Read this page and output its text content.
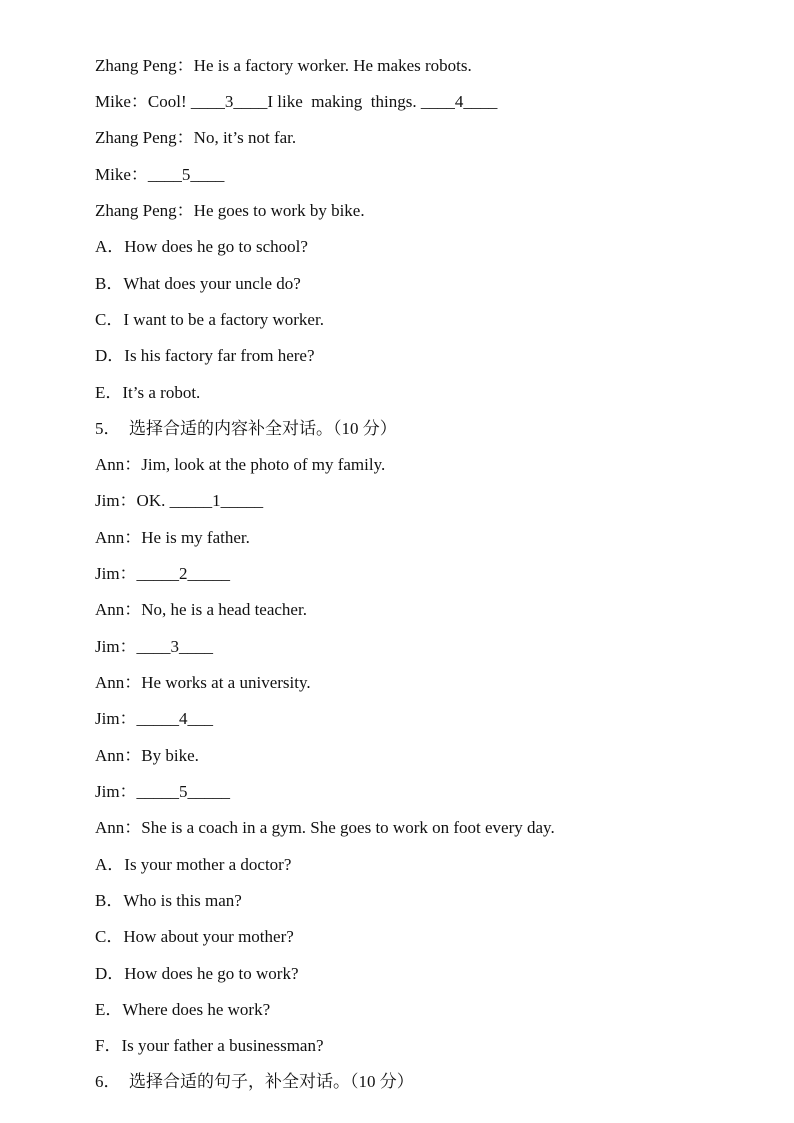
Zhang Peng：He is a factory worker. He makes robots.
Mike：Cool! ____3____I like  making  things. ____4____
Zhang Peng：No, it’s not far.
Mike：____5____
Zhang Peng：He goes to work by bike.
A．How does he go to school?
B．What does your uncle do?
C．I want to be a factory worker.
D．Is his factory far from here?
E．It’s a robot.
5．  选择合适的内容补全对话。（10 分）
Ann：Jim, look at the photo of my family.
Jim：OK. _____1_____
Ann：He is my father.
Jim：_____2_____
Ann：No, he is a head teacher.
Jim：____3____
Ann：He works at a university.
Jim：_____4___
Ann：By bike.
Jim：_____5_____
Ann：She is a coach in a gym. She goes to work on foot every day.
A．Is your mother a doctor?
B．Who is this man?
C．How about your mother?
D．How does he go to work?
E．Where does he work?
F．Is your father a businessman?
6．  选择合适的句子，补全对话。（10 分）
